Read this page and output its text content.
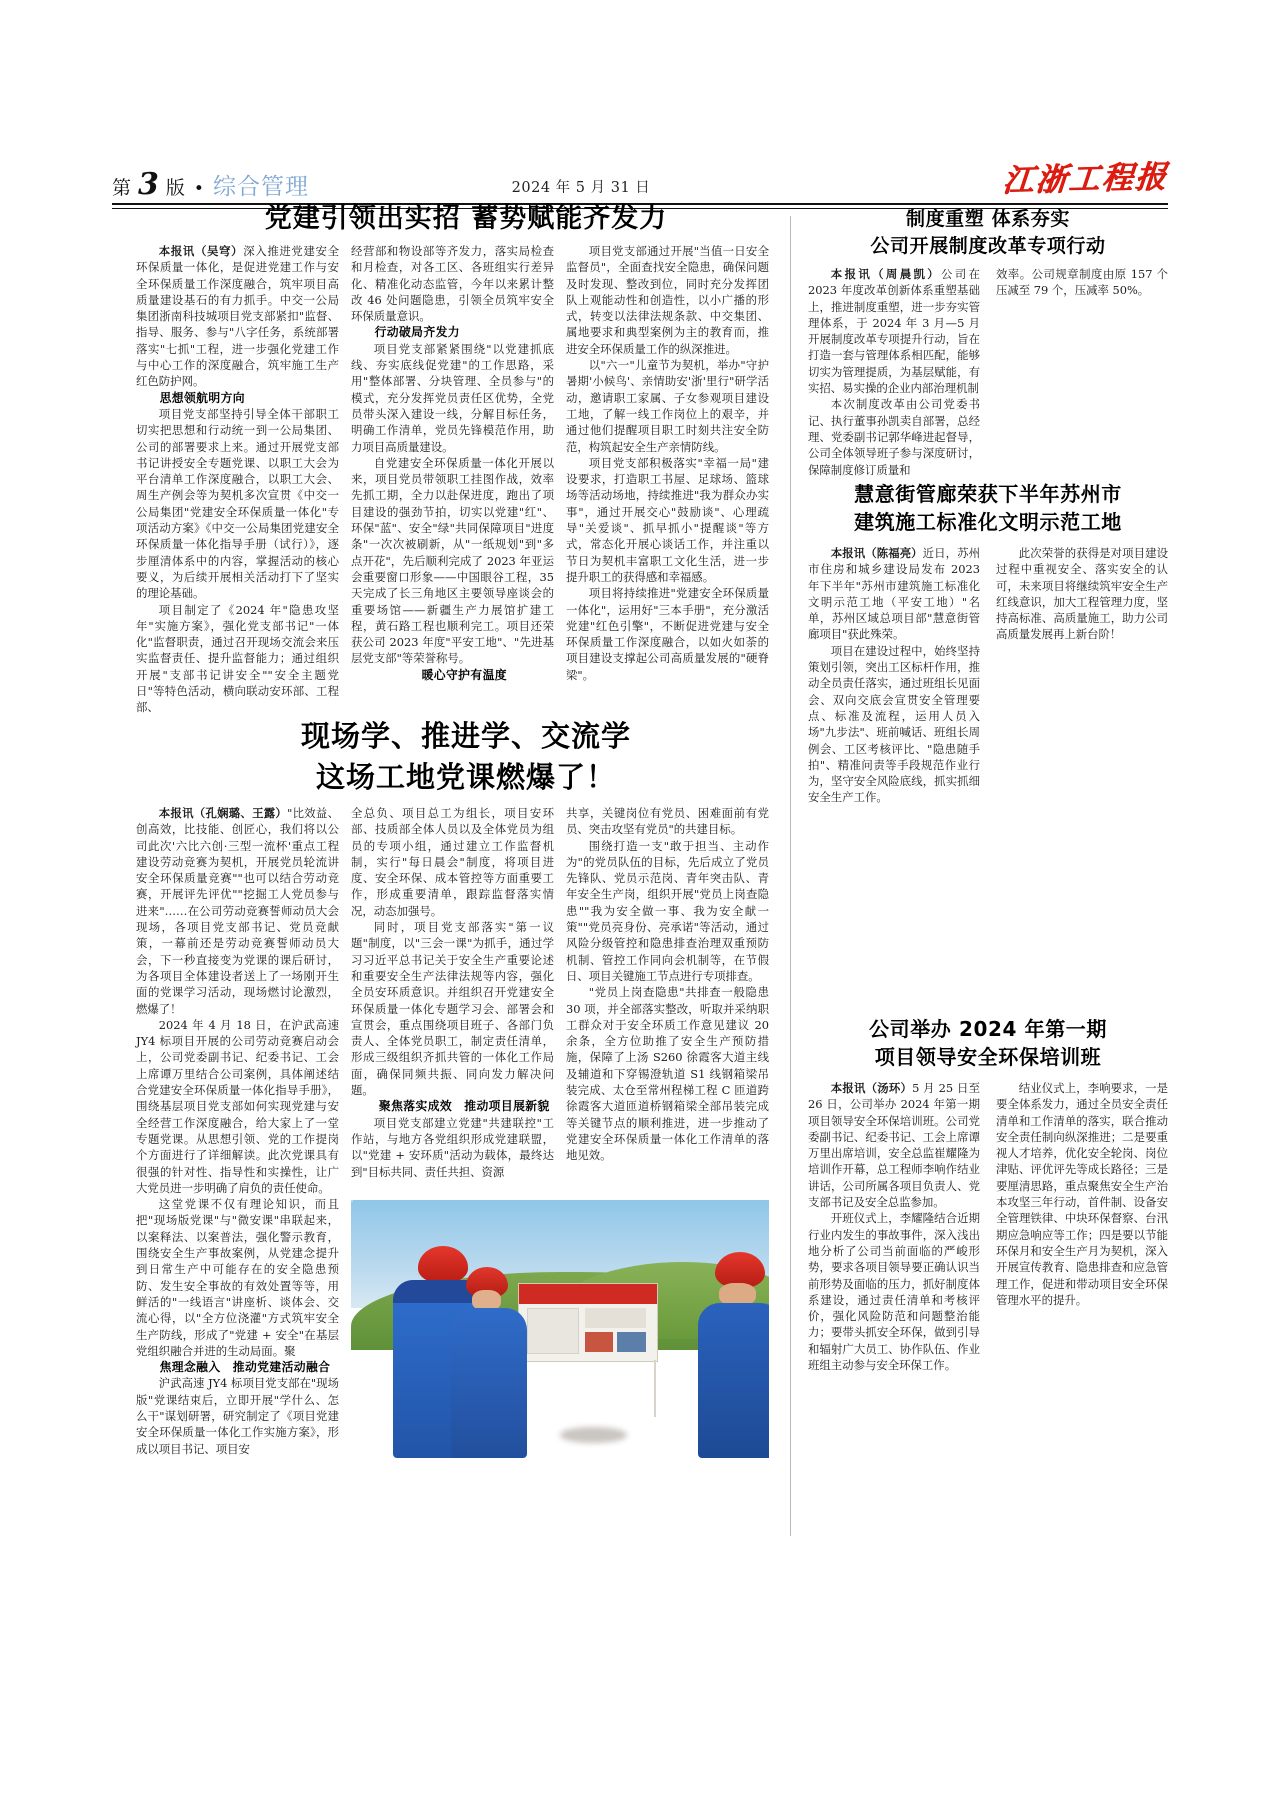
第 3 版 • 综合管理	2024 年 5 月 31 日	江浙工程报
党建引领出实招 蓄势赋能齐发力

本报讯（吴穹）深入推进党建安全环保质量一体化，是促进党建工作与安全环保质量工作深度融合，筑牢项目高质量建设基石的有力抓手。中交一公局集团浙南科技城项目党支部紧扣"监督、指导、服务、参与"八字任务，系统部署落实"七抓"工程，进一步强化党建工作与中心工作的深度融合，筑牢施工生产红色防护网。

思想领航明方向

项目党支部坚持引导全体干部职工切实把思想和行动统一到一公局集团、公司的部署要求上来。通过开展党支部书记讲授安全专题党课、以职工大会为平台清单工作深度融合，以职工大会、周生产例会等为契机多次宣贯《中交一公局集团"党建安全环保质量一体化"专项活动方案》《中交一公局集团党建安全环保质量一体化指导手册（试行）》，逐步厘清体系中的内容，掌握活动的核心要义，为后续开展相关活动打下了坚实的理论基础。

项目制定了《2024 年"隐患攻坚年"实施方案》，强化党支部书记"一体化"监督职责，通过召开现场交流会来压实监督责任、提升监督能力；通过组织开展"支部书记讲安全""安全主题党日"等特色活动，横向联动安环部、工程部、

经营部和物设部等齐发力，落实局检查和月检查，对各工区、各班组实行差异化、精准化动态监管，今年以来累计整改 46 处问题隐患，引领全员筑牢安全环保质量意识。

行动破局齐发力

项目党支部紧紧围绕"以党建抓底线、夯实底线促党建"的工作思路，采用"整体部署、分块管理、全员参与"的模式，充分发挥党员责任区优势，全党员带头深入建设一线，分解目标任务，明确工作清单，党员先锋模范作用，助力项目高质量建设。

自党建安全环保质量一体化开展以来，项目党员带领职工挂图作战，效率先抓工期，全力以赴保进度，跑出了项目建设的强劲节拍，切实以党建"红"、环保"蓝"、安全"绿"共同保障项目"进度条"一次次被刷新，从"一纸规划"到"多点开花"，先后顺利完成了 2023 年亚运会重要窗口形象——中国眼谷工程，35 天完成了长三角地区主要领导座谈会的重要场馆——新疆生产力展馆扩建工程，黄石路工程也顺利完工。项目还荣获公司 2023 年度"平安工地"、"先进基层党支部"等荣誉称号。

暖心守护有温度

项目党支部通过开展"当值一日安全监督员"，全面查找安全隐患，确保问题及时发现、整改到位，同时充分发挥团队上观能动性和创造性，以小广播的形式，转变以法律法规条款、中交集团、属地要求和典型案例为主的教育而，推进安全环保质量工作的纵深推进。

以"六一"儿童节为契机，举办"守护暑期'小候鸟'、亲情助安'浙'里行"研学活动，邀请职工家属、子女参观项目建设工地，了解一线工作岗位上的艰辛，并通过他们提醒项目职工时刻共注安全防范，构筑起安全生产亲情防线。

项目党支部积极落实"幸福一局"建设要求，打造职工书屋、足球场、篮球场等活动场地，持续推进"我为群众办实事"，通过开展交心"鼓励谈"、心理疏导"关爱谈"、抓早抓小"提醒谈"等方式，常态化开展心谈话工作，并注重以节日为契机丰富职工文化生活，进一步提升职工的获得感和幸福感。

项目将持续推进"党建安全环保质量一体化"，运用好"三本手册"，充分激活党建"红色引擎"，不断促进党建与安全环保质量工作深度融合，以如火如荼的项目建设支撑起公司高质量发展的"硬脊梁"。

现场学、推进学、交流学
这场工地党课燃爆了！

本报讯（孔娴璐、王露）"比效益、创高效，比技能、创匠心，我们将以公司此次'六比六创·三型一流杯'重点工程建设劳动竞赛为契机，开展党员轮流讲安全环保质量竞赛""也可以结合劳动竞赛，开展评先评优""挖掘工人党员参与进来"……在公司劳动竞赛誓师动员大会现场，各项目党支部书记、党员竞献策，一幕前还是劳动竞赛誓师动员大会，下一秒直接变为党课的课后研讨，为各项目全体建设者送上了一场刚开生面的党课学习活动，现场燃讨论激烈，燃爆了！

2024 年 4 月 18 日，在沪武高速 JY4 标项目开展的公司劳动竞赛启动会上，公司党委副书记、纪委书记、工会上席谭万里结合公司案例，具体阐述结合党建安全环保质量一体化指导手册》，围绕基层项目党支部如何实现党建与安全经营工作深度融合，给大家上了一堂专题党课。从思想引领、党的工作提岗个方面进行了详细解读。此次党课具有很强的针对性、指导性和实操性，让广大党员进一步明确了肩负的责任使命。

这堂党课不仅有理论知识，而且把"现场版党课"与"微安课"串联起来，以案释法、以案普法，强化警示教育，围绕安全生产事故案例，从党建念提升到日常生产中可能存在的安全隐患预防、发生安全事故的有效处置等等，用鲜活的"一线语言"讲座析、谈体会、交流心得，以"全方位浇灌"方式筑牢安全生产防线，形成了"党建 + 安全"在基层党组织融合并进的生动局面。聚

焦理念融入　推动党建活动融合

沪武高速 JY4 标项目党支部在"现场版"党课结束后，立即开展"学什么、怎么干"谋划研署，研究制定了《项目党建安全环保质量一体化工作实施方案》，形成以项目书记、项目安

全总负、项目总工为组长，项目安环部、技质部全体人员以及全体党员为组员的专项小组，通过建立工作监督机制，实行"每日晨会"制度，将项目进度、安全环保、成本管控等方面重要工作，形成重要清单，跟踪监督落实情况，动态加强号。

同时，项目党支部落实"第一议题"制度，以"三会一课"为抓手，通过学习习近平总书记关于安全生产重要论述和重要安全生产法律法规等内容，强化全员安环质意识。并组织召开党建安全环保质量一体化专题学习会、部署会和宣贯会，重点围绕项目班子、各部门负责人、全体党员职工，制定责任清单，形成三级组织齐抓共管的一体化工作局面，确保同频共振、同向发力解决问题。

聚焦落实成效　推动项目展新貌

项目党支部建立党建"共建联控"工作站，与地方各党组织形成党建联盟，以"党建 + 安环质"活动为载体，最终达到"目标共同、责任共担、资源

共享，关键岗位有党员、困难面前有党员、突击攻坚有党员"的共建目标。

围绕打造一支"敢于担当、主动作为"的党员队伍的目标，先后成立了党员先锋队、党员示范岗、青年突击队、青年安全生产岗，组织开展"党员上岗查隐患""我为安全做一事、我为安全献一策""党员亮身份、亮承诺"等活动，通过风险分级管控和隐患排查治理双重预防机制、管控工作同向会机制等，在节假日、项目关键施工节点进行专项排查。

"党员上岗查隐患"共排查一般隐患 30 项，并全部落实整改，听取并采纳职工群众对于安全环质工作意见建议 20 余条，全方位助推了安全生产预防措施，保障了上汤 S260 徐霞客大道主线及辅道和下穿锡澄轨道 S1 线钢箱梁吊装完成、太仓至常州程梯工程 C 匝道跨徐霞客大道匝道桥钢箱梁全部吊装完成等关键节点的顺利推进，进一步推动了党建安全环保质量一体化工作清单的落地见效。

制度重塑 体系夯实
公司开展制度改革专项行动

本报讯（周晨凯）公司在 2023 年度改革创新体系重塑基础上，推进制度重塑，进一步夯实管理体系，于 2024 年 3 月—5 月开展制度改革专项提升行动，旨在打造一套与管理体系相匹配，能够切实为管理提质，为基层赋能，有实招、易实操的企业内部治理机制

本次制度改革由公司党委书记、执行董事孙凯卖自部署，总经理、党委副书记郭华峰进起督导，公司全体领导班子参与深度研讨，保障制度修订质量和

效率。公司规章制度由原 157 个压减至 79 个，压减率 50%。

慧意街管廊荣获下半年苏州市
建筑施工标准化文明示范工地

本报讯（陈福亮）近日，苏州市住房和城乡建设局发布 2023 年下半年"苏州市建筑施工标准化文明示范工地（平安工地）"名单，苏州区域总项目部"慧意街管廊项目"获此殊荣。

项目在建设过程中，始终坚持策划引领，突出工区标杆作用，推动全员责任落实，通过班组长见面会、双向交底会宣贯安全管理要点、标准及流程，运用人员入场"九步法"、班前喊话、班组长周例会、工区考核评比、"隐患随手拍"、精准问责等手段规范作业行为，坚守安全风险底线，抓实抓细安全生产工作。

此次荣誉的获得是对项目建设过程中重视安全、落实安全的认可，未来项目将继续筑牢安全生产红线意识，加大工程管理力度，坚持高标准、高质量施工，助力公司高质量发展再上新台阶！

公司举办 2024 年第一期
项目领导安全环保培训班

本报讯（汤环）5 月 25 日至 26 日，公司举办 2024 年第一期项目领导安全环保培训班。公司党委副书记、纪委书记、工会上席谭万里出席培训，安全总监崔耀隆为培训作开幕，总工程师李响作结业讲话，公司所属各项目负责人、党支部书记及安全总监参加。

开班仪式上，李耀隆结合近期行业内发生的事故事件，深入浅出地分析了公司当前面临的严峻形势，要求各项目领导要正确认识当前形势及面临的压力，抓好制度体系建设，通过责任清单和考核评价，强化风险防范和问题整治能力；要带头抓安全环保，做到引导和辐射广大员工、协作队伍、作业班组主动参与安全环保工作。

结业仪式上，李响要求，一是要全体系发力，通过全员安全责任清单和工作清单的落实，联合推动安全责任制向纵深推进；二是要重视人才培养，优化安全轮岗、岗位津贴、评优评先等成长路径；三是要厘清思路，重点聚焦安全生产治本攻坚三年行动，首件制、设备安全管理铁律、中块环保督察、台汛期应急响应等工作；四是要以节能环保月和安全生产月为契机，深入开展宣传教育、隐患排查和应急管理工作，促进和带动项目安全环保管理水平的提升。
